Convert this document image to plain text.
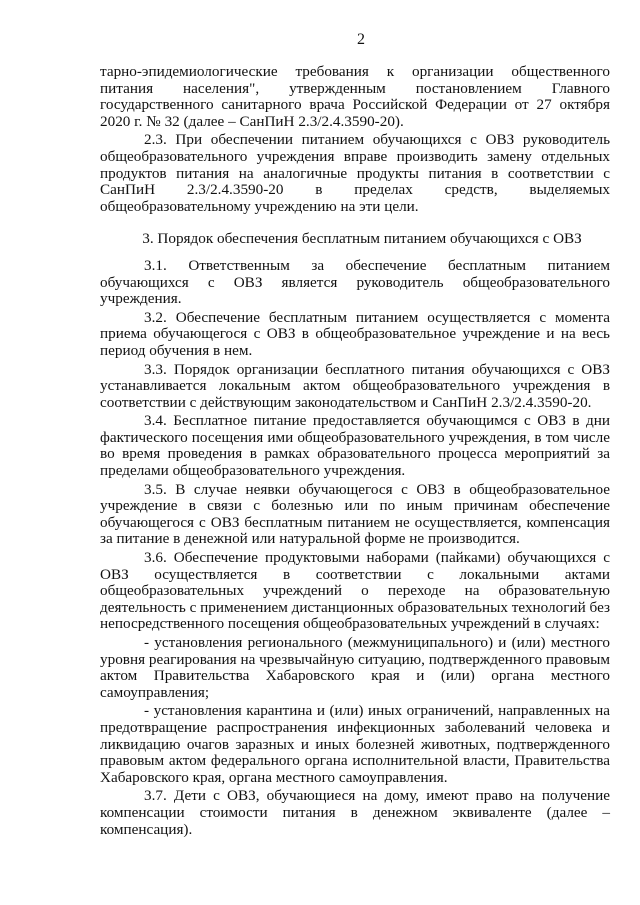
2

тарно-эпидемиологические требования к организации общественного питания населения", утвержденным постановлением Главного государственного санитарного врача Российской Федерации от 27 октября 2020 г. № 32 (далее – СанПиН 2.3/2.4.3590-20).

2.3. При обеспечении питанием обучающихся с ОВЗ руководитель общеобразовательного учреждения вправе производить замену отдельных продуктов питания на аналогичные продукты питания в соответствии с СанПиН 2.3/2.4.3590-20 в пределах средств, выделяемых общеобразовательному учреждению на эти цели.

3. Порядок обеспечения бесплатным питанием обучающихся с ОВЗ

3.1. Ответственным за обеспечение бесплатным питанием обучающихся с ОВЗ является руководитель общеобразовательного учреждения.

3.2. Обеспечение бесплатным питанием осуществляется с момента приема обучающегося с ОВЗ в общеобразовательное учреждение и на весь период обучения в нем.

3.3. Порядок организации бесплатного питания обучающихся с ОВЗ устанавливается локальным актом общеобразовательного учреждения в соответствии с действующим законодательством и СанПиН 2.3/2.4.3590-20.

3.4. Бесплатное питание предоставляется обучающимся с ОВЗ в дни фактического посещения ими общеобразовательного учреждения, в том числе во время проведения в рамках образовательного процесса мероприятий за пределами общеобразовательного учреждения.

3.5. В случае неявки обучающегося с ОВЗ в общеобразовательное учреждение в связи с болезнью или по иным причинам обеспечение обучающегося с ОВЗ бесплатным питанием не осуществляется, компенсация за питание в денежной или натуральной форме не производится.

3.6. Обеспечение продуктовыми наборами (пайками) обучающихся с ОВЗ осуществляется в соответствии с локальными актами общеобразовательных учреждений о переходе на образовательную деятельность с применением дистанционных образовательных технологий без непосредственного посещения общеобразовательных учреждений в случаях:

- установления регионального (межмуниципального) и (или) местного уровня реагирования на чрезвычайную ситуацию, подтвержденного правовым актом Правительства Хабаровского края и (или) органа местного самоуправления;

- установления карантина и (или) иных ограничений, направленных на предотвращение распространения инфекционных заболеваний человека и ликвидацию очагов заразных и иных болезней животных, подтвержденного правовым актом федерального органа исполнительной власти, Правительства Хабаровского края, органа местного самоуправления.

3.7. Дети с ОВЗ, обучающиеся на дому, имеют право на получение компенсации стоимости питания в денежном эквиваленте (далее – компенсация).
